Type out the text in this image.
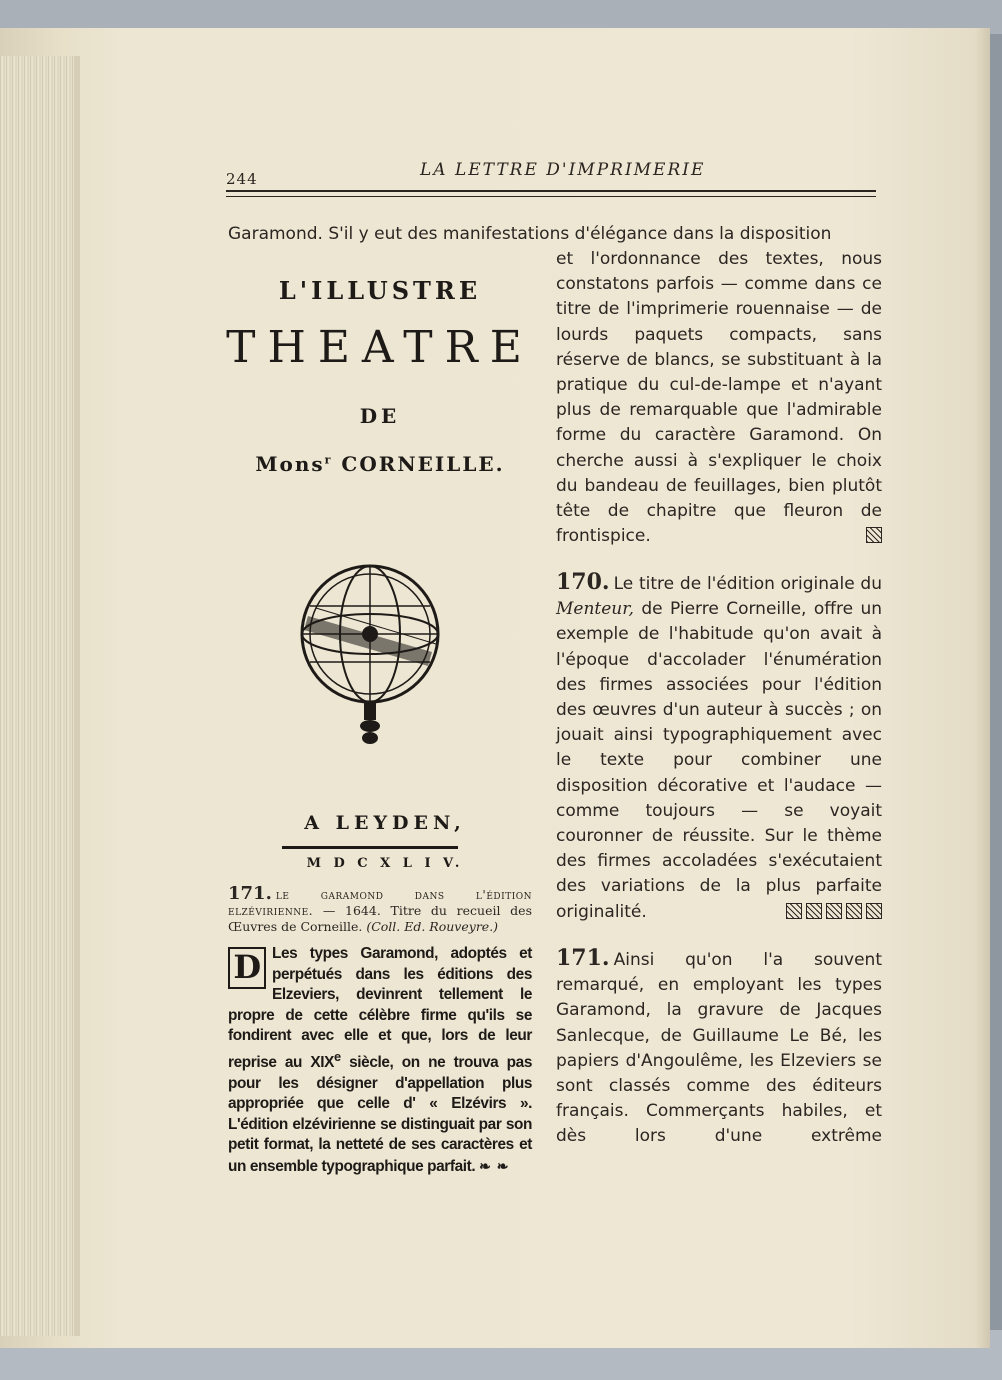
244	LA LETTRE D'IMPRIMERIE
Garamond. S'il y eut des manifestations d'élégance dans la disposition
L'ILLUSTRE
THEATRE
DE
Mons$^r$ CORNEILLE.
A LEYDEN,
M D C X L I V.
171. le garamond dans l'édition elzévirienne. — 1644. Titre du recueil des Œuvres de Corneille. (Coll. Ed. Rouveyre.)
D Les types Garamond, adoptés et perpétués dans les éditions des Elzeviers, devinrent tellement le propre de cette célèbre firme qu'ils se fondirent avec elle et que, lors de leur reprise au XIXe siècle, on ne trouva pas pour les désigner d'appellation plus appropriée que celle d' « Elzévirs ». L'édition elzévirienne se distinguait par son petit format, la netteté de ses caractères et un ensemble typographique parfait. ❧ ❧
et l'ordonnance des textes, nous constatons parfois — comme dans ce titre de l'imprimerie rouennaise — de lourds paquets compacts, sans réserve de blancs, se substituant à la pratique du cul-de-lampe et n'ayant plus de remarquable que l'admirable forme du caractère Garamond. On cherche aussi à s'expliquer le choix du bandeau de feuillages, bien plutôt tête de chapitre que fleuron de frontispice.
170. Le titre de l'édition originale du Menteur, de Pierre Corneille, offre un exemple de l'habitude qu'on avait à l'époque d'accolader l'énumération des firmes associées pour l'édition des œuvres d'un auteur à succès ; on jouait ainsi typographiquement avec le texte pour combiner une disposition décorative et l'audace — comme toujours — se voyait couronner de réussite. Sur le thème des firmes accoladées s'exécutaient des variations de la plus parfaite originalité.
171. Ainsi qu'on l'a souvent remarqué, en employant les types Garamond, la gravure de Jacques Sanlecque, de Guillaume Le Bé, les papiers d'Angoulême, les Elzeviers se sont classés comme des éditeurs français. Commerçants habiles, et dès lors d'une extrême
